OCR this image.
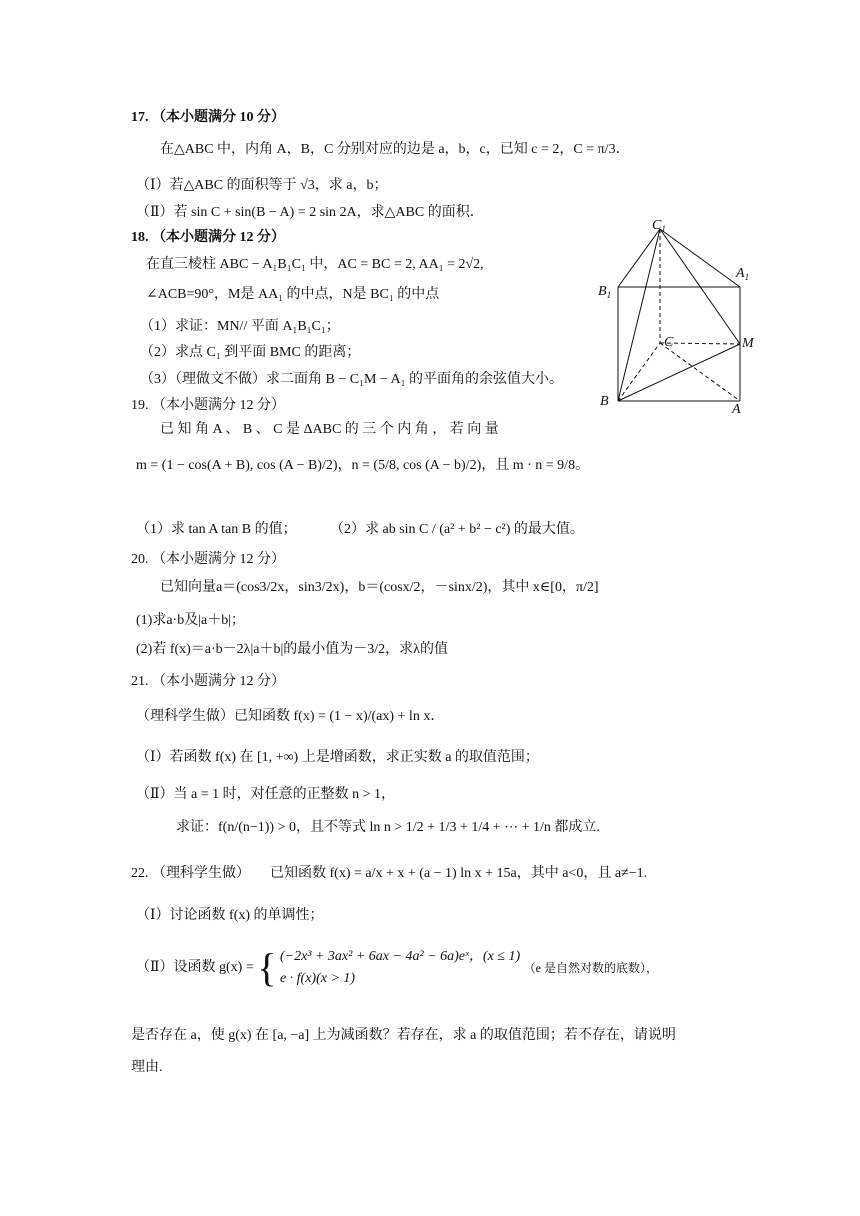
17. （本小题满分 10 分）
在△ABC 中，内角 A，B，C 分别对应的边是 a，b，c，已知 c = 2，C = π/3．
（Ⅰ）若△ABC 的面积等于 √3，求 a，b；
（Ⅱ）若 sin C + sin(B − A) = 2 sin 2A，求△ABC 的面积．
18. （本小题满分 12 分）
在直三棱柱 ABC − A₁B₁C₁ 中，AC = BC = 2, AA₁ = 2√2,
∠ACB=90°，M是 AA₁ 的中点，N是 BC₁ 的中点
（1）求证：MN// 平面 A₁B₁C₁；
（2）求点 C₁ 到平面 BMC 的距离；
（3）（理做文不做）求二面角 B − C₁M − A₁ 的平面角的余弦值大小。
$C_1$
$A_1$
$B_1$
C	M
B
A
19. （本小题满分 12 分）
已 知 角 A 、 B 、 C 是 ΔABC 的 三 个 内 角 ， 若 向 量
m = (1 − cos(A + B), cos (A − B)/2)，n = (5/8, cos (A − b)/2)，且 m · n = 9/8。
（1）求 tan A tan B 的值； （2）求 ab sin C / (a² + b² − c²) 的最大值。
20. （本小题满分 12 分）
已知向量a＝(cos3/2x，sin3/2x)，b＝(cosx/2，－sinx/2)，其中 x∈[0，π/2]
(1)求a·b及|a＋b|；
(2)若 f(x)＝a·b－2λ|a＋b|的最小值为－3/2，求λ的值
21. （本小题满分 12 分）
（理科学生做）已知函数 f(x) = (1 − x)/(ax) + ln x．
（Ⅰ）若函数 f(x) 在 [1, +∞) 上是增函数，求正实数 a 的取值范围；
（Ⅱ）当 a = 1 时，对任意的正整数 n > 1，
求证：f(n/(n−1)) > 0，且不等式 ln n > 1/2 + 1/3 + 1/4 + ⋯ + 1/n 都成立.
22. （理科学生做） 已知函数 f(x) = a/x + x + (a − 1) ln x + 15a，其中 a<0，且 a≠−1.
（Ⅰ）讨论函数 f(x) 的单调性；
（Ⅱ）设函数 g(x) = { (−2x³ + 3ax² + 6ax − 4a² − 6a)eˣ，(x ≤ 1)
e · f(x)(x > 1)
（e 是自然对数的底数），
是否存在 a，使 g(x) 在 [a, −a] 上为减函数？若存在，求 a 的取值范围；若不存在，请说明
理由.
